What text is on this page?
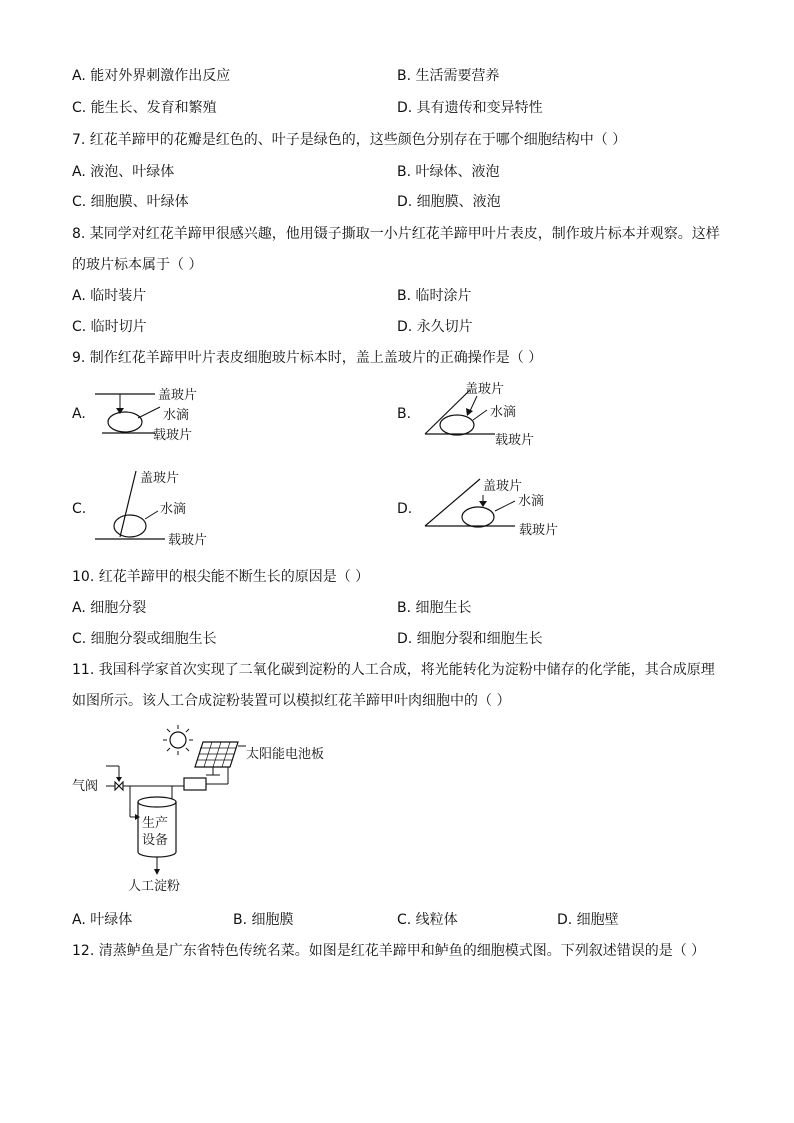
A. 能对外界刺激作出反应	B. 生活需要营养
C. 能生长、发育和繁殖	D. 具有遗传和变异特性
7. 红花羊蹄甲的花瓣是红色的、叶子是绿色的，这些颜色分别存在于哪个细胞结构中（ ）
A. 液泡、叶绿体	B. 叶绿体、液泡
C. 细胞膜、叶绿体	D. 细胞膜、液泡
8. 某同学对红花羊蹄甲很感兴趣，他用镊子撕取一小片红花羊蹄甲叶片表皮，制作玻片标本并观察。这样
的玻片标本属于（ ）
A. 临时装片	B. 临时涂片
C. 临时切片	D. 永久切片
9. 制作红花羊蹄甲叶片表皮细胞玻片标本时，盖上盖玻片的正确操作是（ ）
A.
盖玻片
水滴
载玻片
B.
盖玻片
水滴
载玻片
C.
盖玻片
水滴
载玻片
D.
盖玻片
水滴
载玻片
10. 红花羊蹄甲的根尖能不断生长的原因是（ ）
A. 细胞分裂	B. 细胞生长
C. 细胞分裂或细胞生长	D. 细胞分裂和细胞生长
11. 我国科学家首次实现了二氧化碳到淀粉的人工合成，将光能转化为淀粉中储存的化学能，其合成原理
如图所示。该人工合成淀粉装置可以模拟红花羊蹄甲叶肉细胞中的（ ）
太阳能电池板
气阀
生产
设备
人工淀粉
A. 叶绿体	B. 细胞膜	C. 线粒体	D. 细胞壁
12. 清蒸鲈鱼是广东省特色传统名菜。如图是红花羊蹄甲和鲈鱼的细胞模式图。下列叙述错误的是（ ）
